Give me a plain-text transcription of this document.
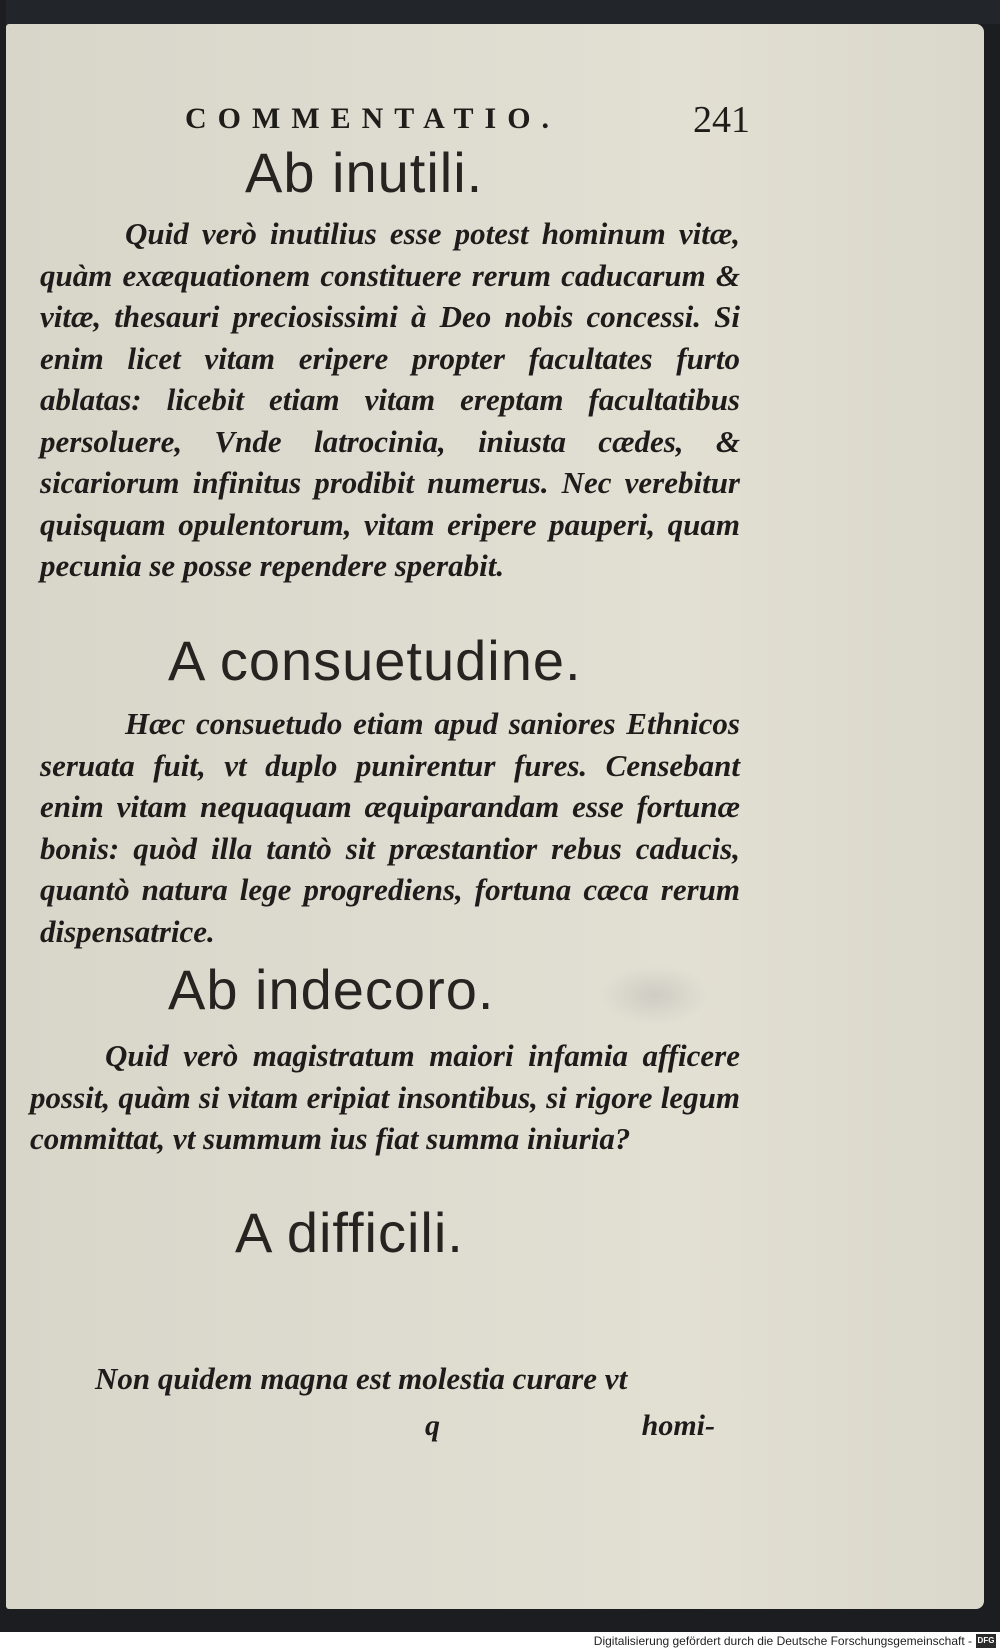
COMMENTATIO.	241
Ab inutili.

Quid verò inutilius esse potest hominum vitæ, quàm exæquationem constituere rerum caducarum & vitæ, thesauri preciosissimi à Deo nobis concessi. Si enim licet vitam eripere propter facultates furto ablatas: licebit etiam vitam ereptam facultatibus persoluere, Vnde latrocinia, iniusta cædes, & sicariorum infinitus prodibit numerus. Nec verebitur quisquam opulentorum, vitam eripere pauperi, quam pecunia se posse rependere sperabit.

A consuetudine.

Hæc consuetudo etiam apud saniores Ethnicos seruata fuit, vt duplo punirentur fures. Censebant enim vitam nequaquam æquiparandam esse fortunæ bonis: quòd illa tantò sit præstantior rebus caducis, quantò natura lege progrediens, fortuna cæca rerum dispensatrice.

Ab indecoro.

Quid verò magistratum maiori infamia afficere possit, quàm si vitam eripiat insontibus, si rigore legum committat, vt summum ius fiat summa iniuria?

A difficili.
Non quidem magna est molestia curare vt
q	homi-
Digitalisierung gefördert durch die Deutsche Forschungsgemeinschaft - DFG
